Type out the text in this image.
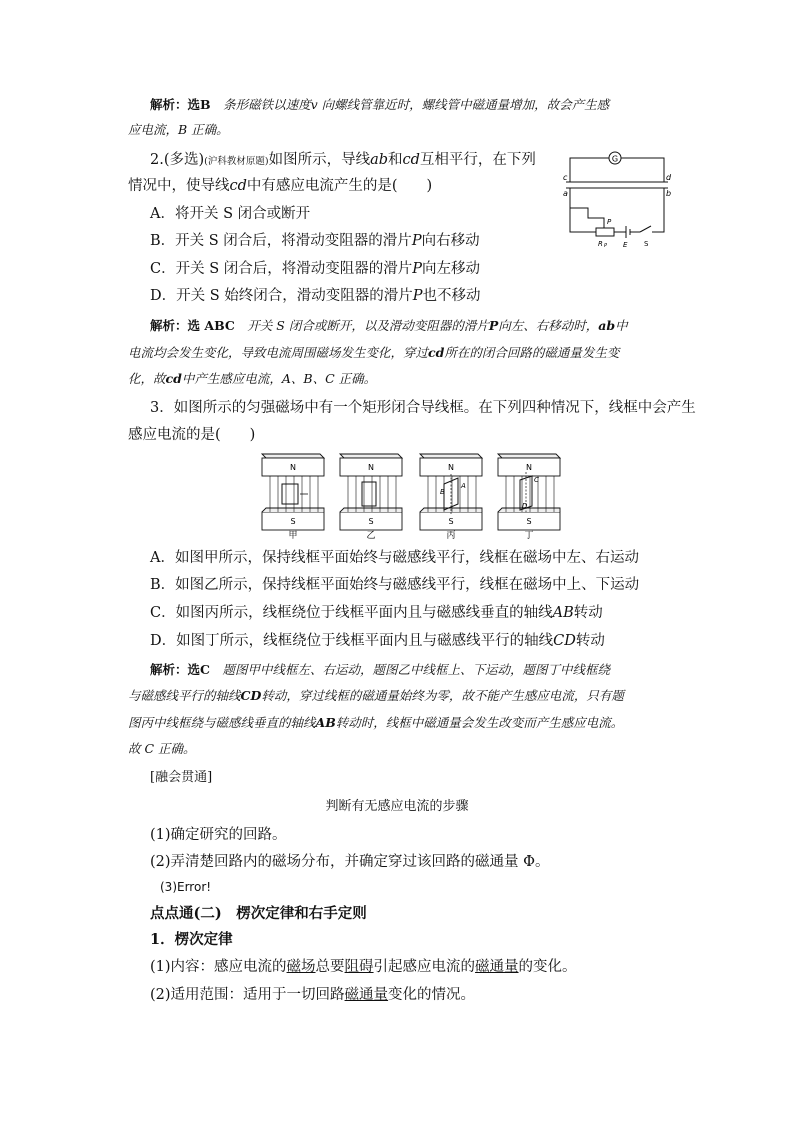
解析：选B　 条形磁铁以速度v 向螺线管靠近时，螺线管中磁通量增加，故会产生感
应电流，B 正确。
2.(多选)(沪科教材原题)如图所示，导线ab和cd互相平行，在下列
情况中，使导线cd中有感应电流产生的是(　　)
A．将开关 S 闭合或断开
B．开关 S 闭合后，将滑动变阻器的滑片P向右移动
C．开关 S 闭合后，将滑动变阻器的滑片P向左移动
D．开关 S 始终闭合，滑动变阻器的滑片P也不移动
G
c	d
a	b
P
R P E S
解析：选 ABC　 开关 S 闭合或断开，以及滑动变阻器的滑片P向左、右移动时，ab中
电流均会发生变化，导致电流周围磁场发生变化，穿过cd所在的闭合回路的磁通量发生变
化，故cd中产生感应电流，A、B、C 正确。
3．如图所示的匀强磁场中有一个矩形闭合导线框。在下列四种情况下，线框中会产生
感应电流的是(　　)
N	N	N	N
S	S	S	S
B
A
C
D
甲	乙	丙	丁
A．如图甲所示，保持线框平面始终与磁感线平行，线框在磁场中左、右运动
B．如图乙所示，保持线框平面始终与磁感线平行，线框在磁场中上、下运动
C．如图丙所示，线框绕位于线框平面内且与磁感线垂直的轴线AB转动
D．如图丁所示，线框绕位于线框平面内且与磁感线平行的轴线CD转动
解析：选C　 题图甲中线框左、右运动，题图乙中线框上、下运动，题图丁中线框绕
与磁感线平行的轴线CD转动，穿过线框的磁通量始终为零，故不能产生感应电流，只有题
图丙中线框绕与磁感线垂直的轴线AB转动时，线框中磁通量会发生改变而产生感应电流。
故 C 正确。
[融会贯通]
判断有无感应电流的步骤
(1)确定研究的回路。
(2)弄清楚回路内的磁场分布，并确定穿过该回路的磁通量 Φ。
(3)Error!
点点通(二)　楞次定律和右手定则
1．楞次定律
(1)内容：感应电流的磁场总要阻碍引起感应电流的磁通量的变化。
(2)适用范围：适用于一切回路磁通量变化的情况。
